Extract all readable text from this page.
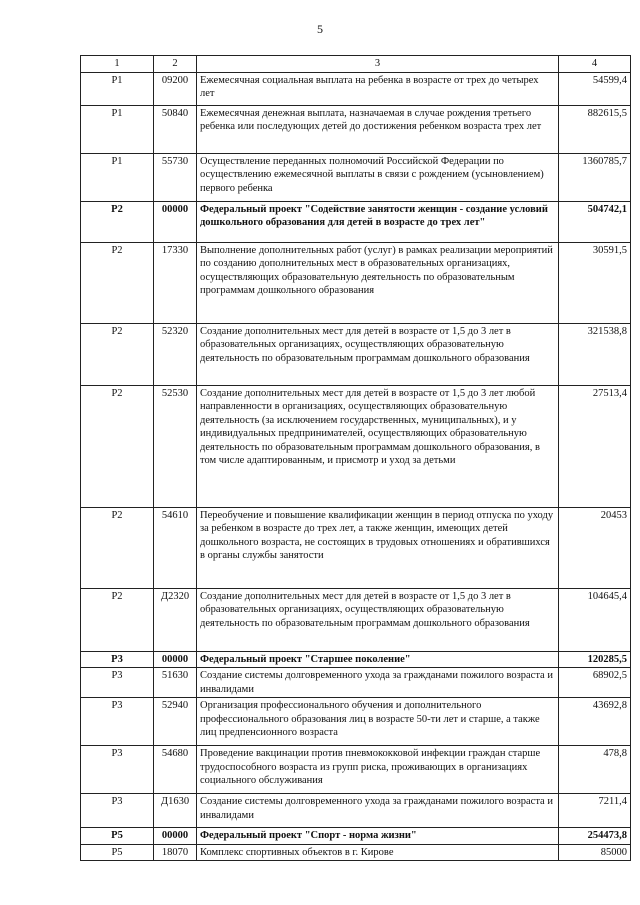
5
1	2	3	4
P1	09200	Ежемесячная социальная выплата на ребенка в возрасте от трех до четырех лет	54599,4
P1	50840	Ежемесячная денежная выплата, назначаемая в случае рождения третьего ребенка или последующих детей до достижения ребенком возраста трех лет	882615,5
P1	55730	Осуществление переданных полномочий Российской Федерации по осуществлению ежемесячной выплаты в связи с рождением (усыновлением) первого ребенка	1360785,7
P2	00000	Федеральный проект "Содействие занятости женщин - создание условий дошкольного образования для детей в возрасте до трех лет"	504742,1
P2	17330	Выполнение дополнительных работ (услуг) в рамках реализации мероприятий по созданию дополнительных мест в образовательных организациях, осуществляющих образовательную деятельность по образовательным программам дошкольного образования	30591,5
P2	52320	Создание дополнительных мест для детей в возрасте от 1,5 до 3 лет в образовательных организациях, осуществляющих образовательную деятельность по образовательным программам дошкольного образования	321538,8
P2	52530	Создание дополнительных мест для детей в возрасте от 1,5 до 3 лет любой направленности в организациях, осуществляющих образовательную деятельность (за исключением государственных, муниципальных), и у индивидуальных предпринимателей, осуществляющих образовательную деятельность по образовательным программам дошкольного образования, в том числе адаптированным, и присмотр и уход за детьми	27513,4
P2	54610	Переобучение и повышение квалификации женщин в период отпуска по уходу за ребенком в возрасте до трех лет, а также женщин, имеющих детей дошкольного возраста, не состоящих в трудовых отношениях и обратившихся в органы службы занятости	20453
P2	Д2320	Создание дополнительных мест для детей в возрасте от 1,5 до 3 лет в образовательных организациях, осуществляющих образовательную деятельность по образовательным программам дошкольного образования	104645,4
P3	00000	Федеральный проект "Старшее поколение"	120285,5
P3	51630	Создание системы долговременного ухода за гражданами пожилого возраста и инвалидами	68902,5
P3	52940	Организация профессионального обучения и дополнительного профессионального образования лиц в возрасте 50-ти лет и старше, а также лиц предпенсионного возраста	43692,8
P3	54680	Проведение вакцинации против пневмококковой инфекции граждан старше трудоспособного возраста из групп риска, проживающих в организациях социального обслуживания	478,8
P3	Д1630	Создание системы долговременного ухода за гражданами пожилого возраста и инвалидами	7211,4
P5	00000	Федеральный проект "Спорт - норма жизни"	254473,8
P5	18070	Комплекс спортивных объектов в г. Кирове	85000
